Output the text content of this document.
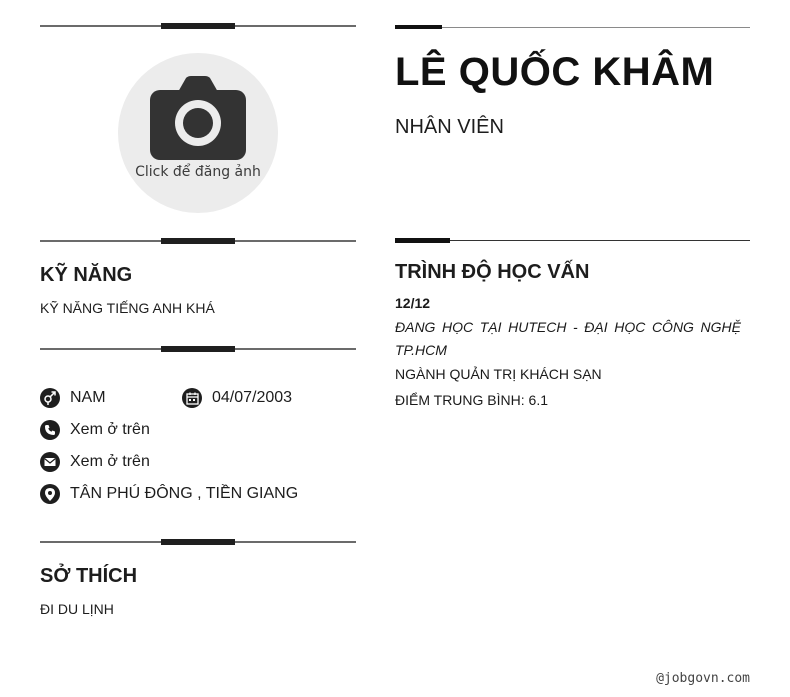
Click để đăng ảnh
KỸ NĂNG
KỸ NĂNG TIẾNG ANH KHÁ
NAM	04/07/2003
Xem ở trên
Xem ở trên
TÂN PHÚ ĐÔNG , TIỀN GIANG
SỞ THÍCH
ĐI DU LỊNH
LÊ QUỐC KHÂM
NHÂN VIÊN
TRÌNH ĐỘ HỌC VẤN
12/12
ĐANG HỌC TẠI HUTECH - ĐẠI HỌC CÔNG NGHỆ TP.HCM
NGÀNH QUẢN TRỊ KHÁCH SẠN
ĐIỂM TRUNG BÌNH: 6.1
@jobgovn.com
